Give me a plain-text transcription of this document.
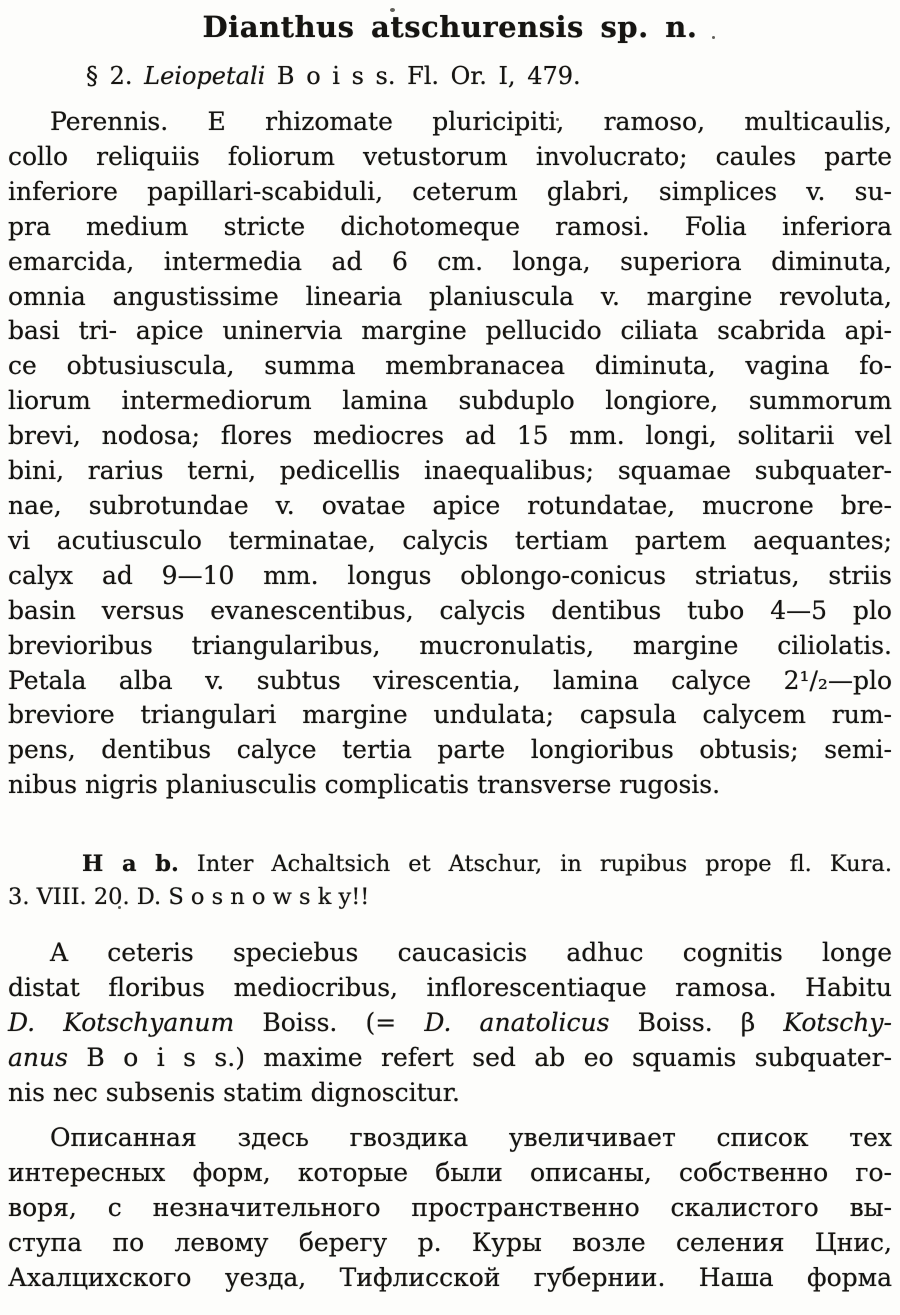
Dianthus atschurensis sp. n.
§ 2. Leiopetali B o i s s. Fl. Or. I, 479.
Perennis. E rhizomate pluricipiti, ramoso, multicaulis,
collo reliquiis foliorum vetustorum involucrato; caules parte
inferiore papillari-scabiduli, ceterum glabri, simplices v. su-
pra medium stricte dichotomeque ramosi. Folia inferiora
emarcida, intermedia ad 6 cm. longa, superiora diminuta,
omnia angustissime linearia planiuscula v. margine revoluta,
basi tri- apice uninervia margine pellucido ciliata scabrida api-
ce obtusiuscula, summa membranacea diminuta, vagina fo-
liorum intermediorum lamina subduplo longiore, summorum
brevi, nodosa; flores mediocres ad 15 mm. longi, solitarii vel
bini, rarius terni, pedicellis inaequalibus; squamae subquater-
nae, subrotundae v. ovatae apice rotundatae, mucrone bre-
vi acutiusculo terminatae, calycis tertiam partem aequantes;
calyx ad 9—10 mm. longus oblongo-conicus striatus, striis
basin versus evanescentibus, calycis dentibus tubo 4—5 plo
brevioribus triangularibus, mucronulatis, margine ciliolatis.
Petala alba v. subtus virescentia, lamina calyce 2¹/₂—plo
breviore triangulari margine undulata; capsula calycem rum-
pens, dentibus calyce tertia parte longioribus obtusis; semi-
nibus nigris planiusculis complicatis transverse rugosis.
H a b. Inter Achaltsich et Atschur, in rupibus prope fl. Kura.
3. VIII. 20. D. S o s n o w s k y!!
A ceteris speciebus caucasicis adhuc cognitis longe
distat floribus mediocribus, inflorescentiaque ramosa. Habitu
D. Kotschyanum Boiss. (= D. anatolicus Boiss. β Kotschy-
anus B o i s s.) maxime refert sed ab eo squamis subquater-
nis nec subsenis statim dignoscitur.
Описанная здесь гвоздика увеличивает список тех
интересных форм, которые были описаны, собственно го-
воря, с незначительного пространственно скалистого вы-
ступа по левому берегу р. Куры возле селения Цнис,
Ахалцихского уезда, Тифлисской губернии. Наша форма
